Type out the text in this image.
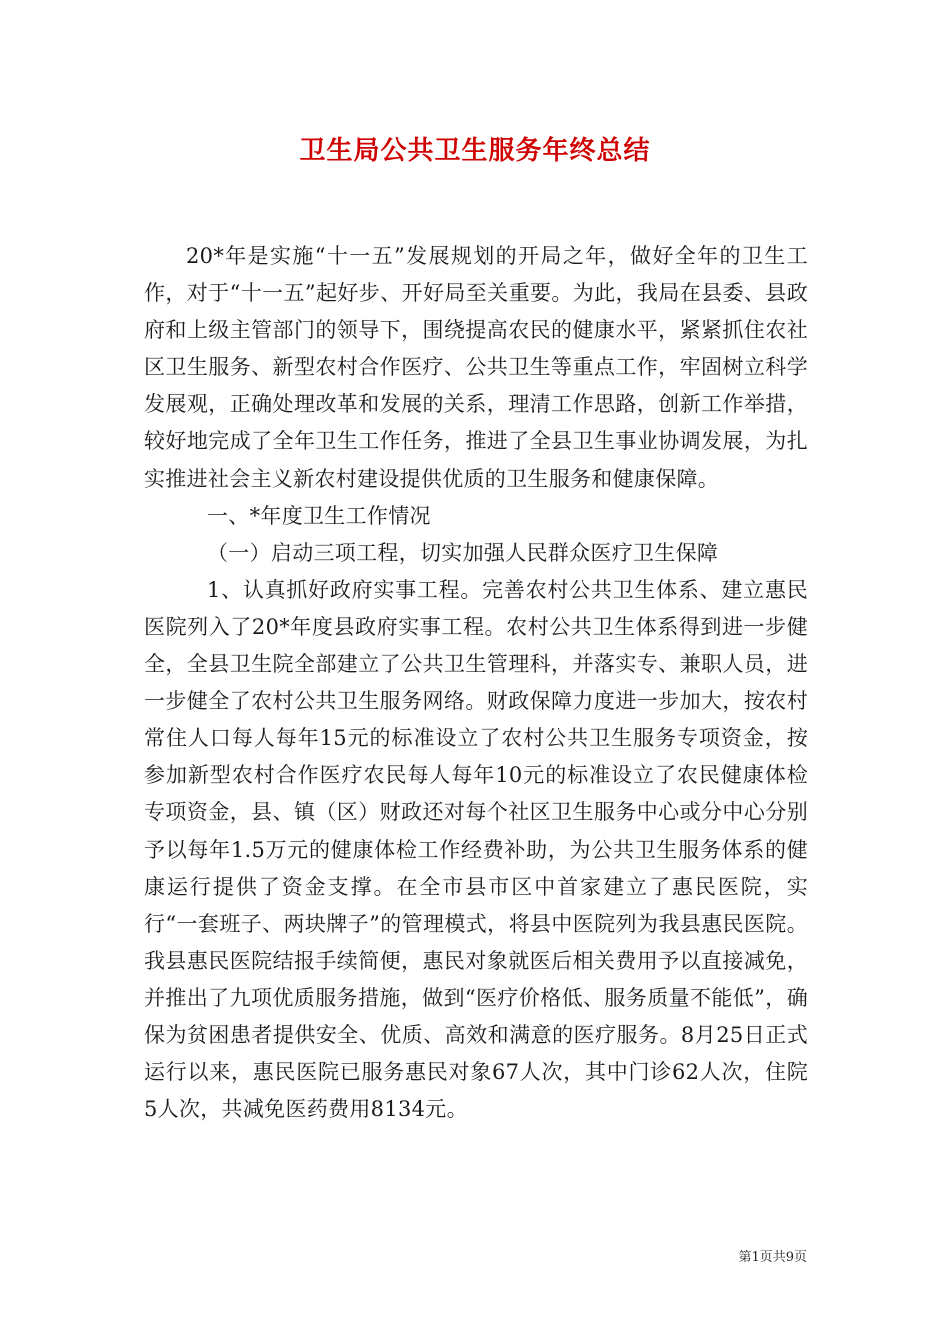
卫生局公共卫生服务年终总结

20*年是实施“十一五”发展规划的开局之年，做好全年的卫生工作，对于“十一五”起好步、开好局至关重要。为此，我局在县委、县政府和上级主管部门的领导下，围绕提高农民的健康水平，紧紧抓住农社区卫生服务、新型农村合作医疗、公共卫生等重点工作，牢固树立科学发展观，正确处理改革和发展的关系，理清工作思路，创新工作举措，较好地完成了全年卫生工作任务，推进了全县卫生事业协调发展，为扎实推进社会主义新农村建设提供优质的卫生服务和健康保障。

一、*年度卫生工作情况

（一）启动三项工程，切实加强人民群众医疗卫生保障

1、认真抓好政府实事工程。完善农村公共卫生体系、建立惠民医院列入了20*年度县政府实事工程。农村公共卫生体系得到进一步健全，全县卫生院全部建立了公共卫生管理科，并落实专、兼职人员，进一步健全了农村公共卫生服务网络。财政保障力度进一步加大，按农村常住人口每人每年15元的标准设立了农村公共卫生服务专项资金，按参加新型农村合作医疗农民每人每年10元的标准设立了农民健康体检专项资金，县、镇（区）财政还对每个社区卫生服务中心或分中心分别予以每年1.5万元的健康体检工作经费补助，为公共卫生服务体系的健康运行提供了资金支撑。在全市县市区中首家建立了惠民医院，实行“一套班子、两块牌子”的管理模式，将县中医院列为我县惠民医院。我县惠民医院结报手续简便，惠民对象就医后相关费用予以直接减免，并推出了九项优质服务措施，做到“医疗价格低、服务质量不能低”，确保为贫困患者提供安全、优质、高效和满意的医疗服务。8月25日正式运行以来，惠民医院已服务惠民对象67人次，其中门诊62人次，住院5人次，共减免医药费用8134元。

第1页共9页
